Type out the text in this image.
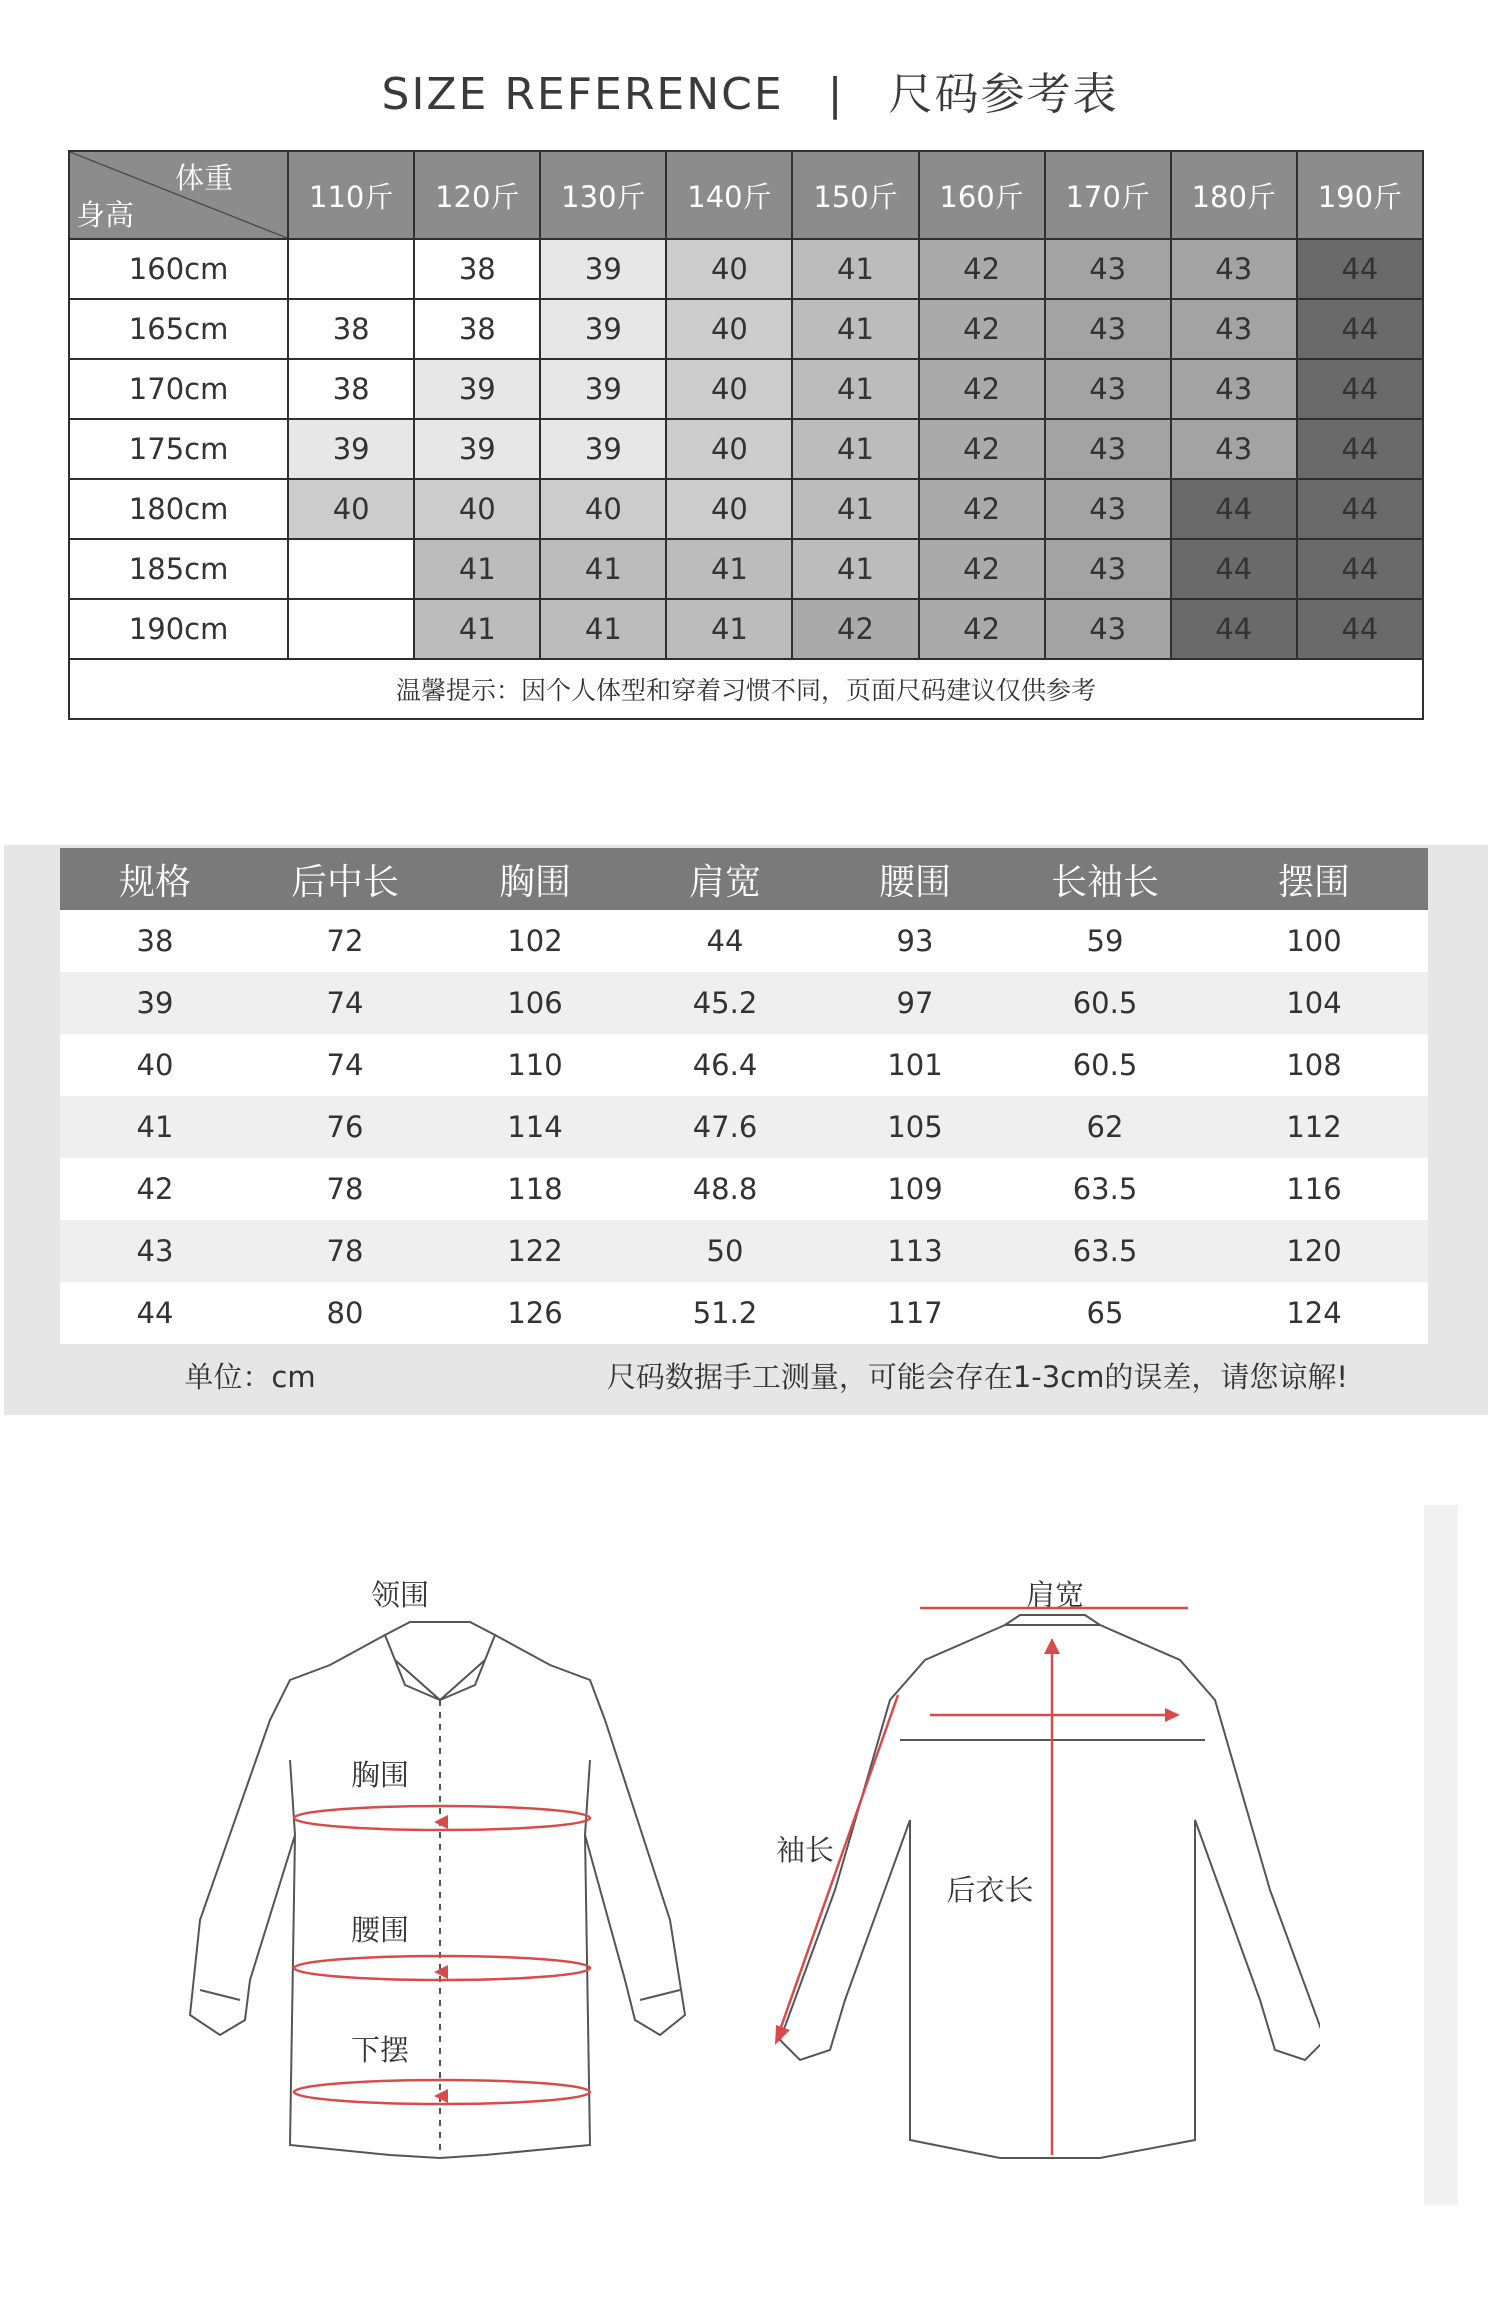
SIZE REFERENCE | 尺码参考表
体重
身高	110斤	120斤	130斤	140斤	150斤	160斤	170斤	180斤	190斤
160cm		38	39	40	41	42	43	43	44
165cm	38	38	39	40	41	42	43	43	44
170cm	38	39	39	40	41	42	43	43	44
175cm	39	39	39	40	41	42	43	43	44
180cm	40	40	40	40	41	42	43	44	44
185cm		41	41	41	41	42	43	44	44
190cm		41	41	41	42	42	43	44	44
温馨提示：因个人体型和穿着习惯不同，页面尺码建议仅供参考									
规格	后中长	胸围	肩宽	腰围	长袖长	摆围
38	72	102	44	93	59	100
39	74	106	45.2	97	60.5	104
40	74	110	46.4	101	60.5	108
41	76	114	47.6	105	62	112
42	78	118	48.8	109	63.5	116
43	78	122	50	113	63.5	120
44	80	126	51.2	117	65	124
单位：cm		尺码数据手工测量，可能会存在1-3cm的误差，请您谅解!				
领围
胸围
腰围
下摆
肩宽
袖长
后衣长
